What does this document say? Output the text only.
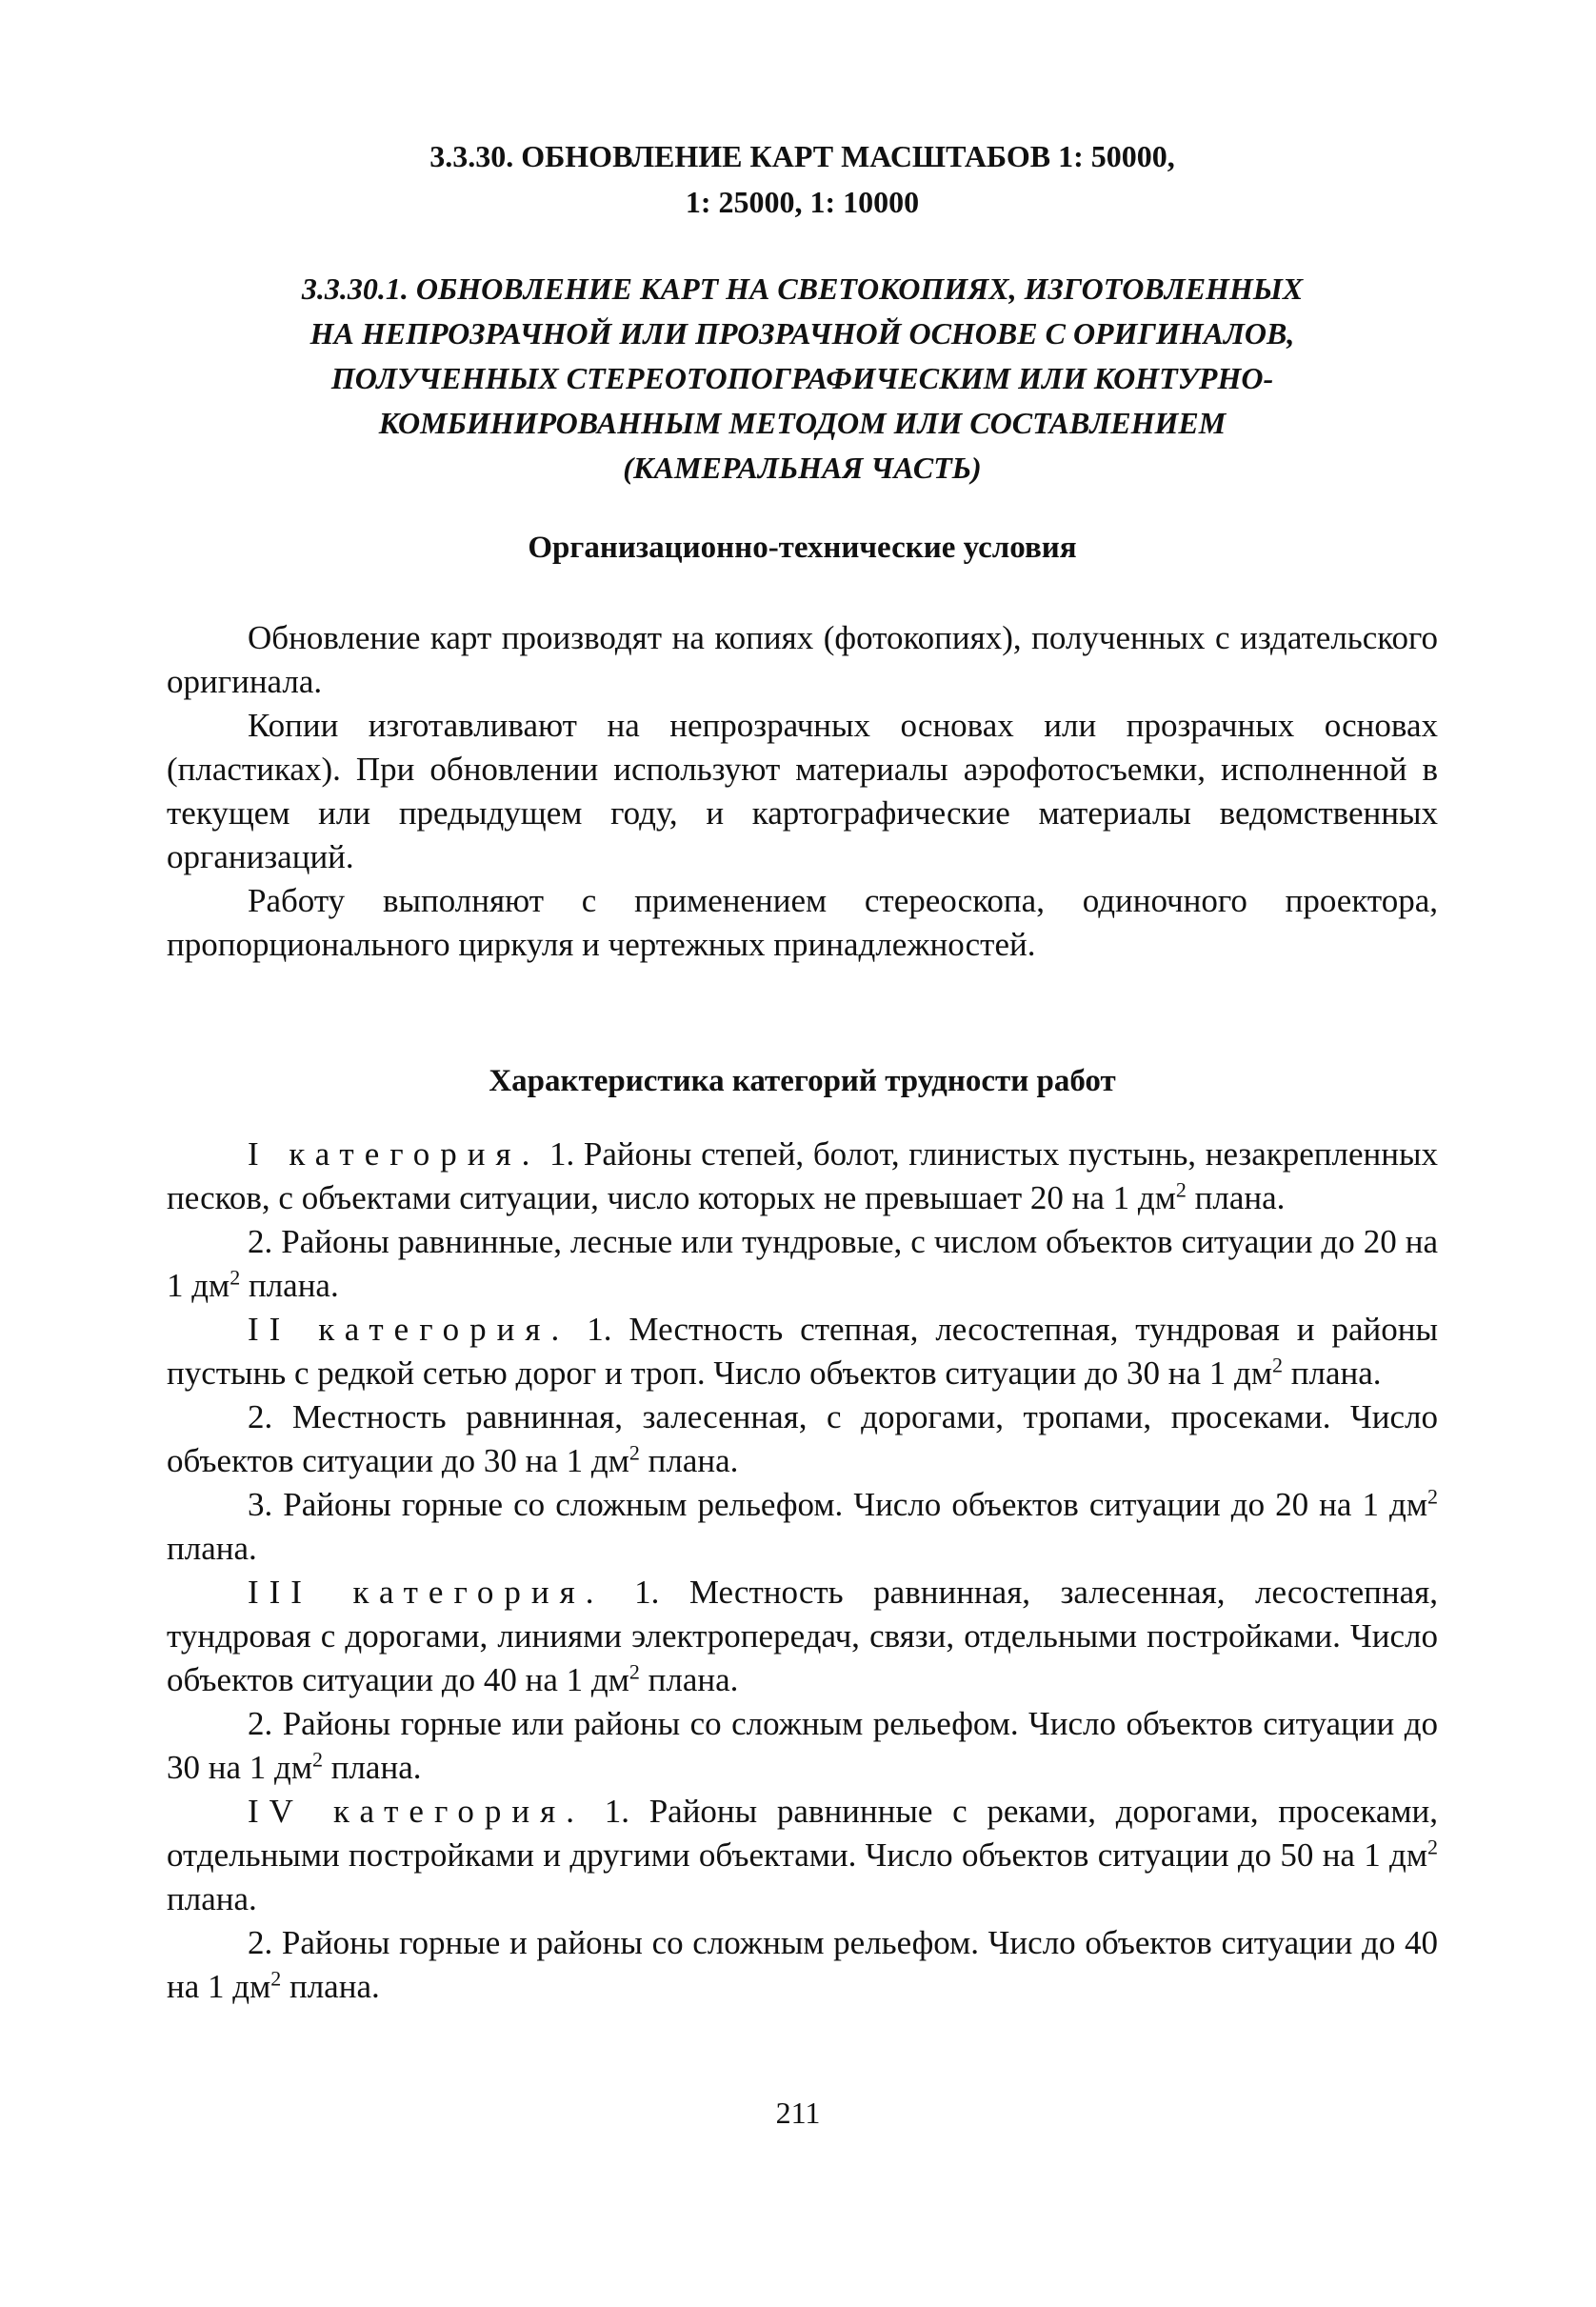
3.3.30. ОБНОВЛЕНИЕ КАРТ МАСШТАБОВ 1: 50000,
1: 25000, 1: 10000

3.3.30.1. ОБНОВЛЕНИЕ КАРТ НА СВЕТОКОПИЯХ, ИЗГОТОВЛЕННЫХ
НА НЕПРОЗРАЧНОЙ ИЛИ ПРОЗРАЧНОЙ ОСНОВЕ С ОРИГИНАЛОВ,
ПОЛУЧЕННЫХ СТЕРЕОТОПОГРАФИЧЕСКИМ ИЛИ КОНТУРНО-
КОМБИНИРОВАННЫМ МЕТОДОМ ИЛИ СОСТАВЛЕНИЕМ
(КАМЕРАЛЬНАЯ ЧАСТЬ)

Организационно-технические условия

Обновление карт производят на копиях (фотокопиях), полученных с издательского оригинала.

Копии изготавливают на непрозрачных основах или прозрачных основах (пластиках). При обновлении используют материалы аэрофотосъемки, исполненной в текущем или предыдущем году, и картографические материалы ведомственных организаций.

Работу выполняют с применением стереоскопа, одиночного проектора, пропорционального циркуля и чертежных принадлежностей.

Характеристика категорий трудности работ

I категория. 1. Районы степей, болот, глинистых пустынь, незакрепленных песков, с объектами ситуации, число которых не превышает 20 на 1 $дм^2$ плана.

2. Районы равнинные, лесные или тундровые, с числом объектов ситуации до 20 на 1 $дм^2$ плана.

II категория. 1. Местность степная, лесостепная, тундровая и районы пустынь с редкой сетью дорог и троп. Число объектов ситуации до 30 на 1 $дм^2$ плана.

2. Местность равнинная, залесенная, с дорогами, тропами, просеками. Число объектов ситуации до 30 на 1 $дм^2$ плана.

3. Районы горные со сложным рельефом. Число объектов ситуации до 20 на 1 $дм^2$ плана.

III категория. 1. Местность равнинная, залесенная, лесостепная, тундровая с дорогами, линиями электропередач, связи, отдельными постройками. Число объектов ситуации до 40 на 1 $дм^2$ плана.

2. Районы горные или районы со сложным рельефом. Число объектов ситуации до 30 на 1 $дм^2$ плана.

IV категория. 1. Районы равнинные с реками, дорогами, просеками, отдельными постройками и другими объектами. Число объектов ситуации до 50 на 1 $дм^2$ плана.

2. Районы горные и районы со сложным рельефом. Число объектов ситуации до 40 на 1 $дм^2$ плана.

211
